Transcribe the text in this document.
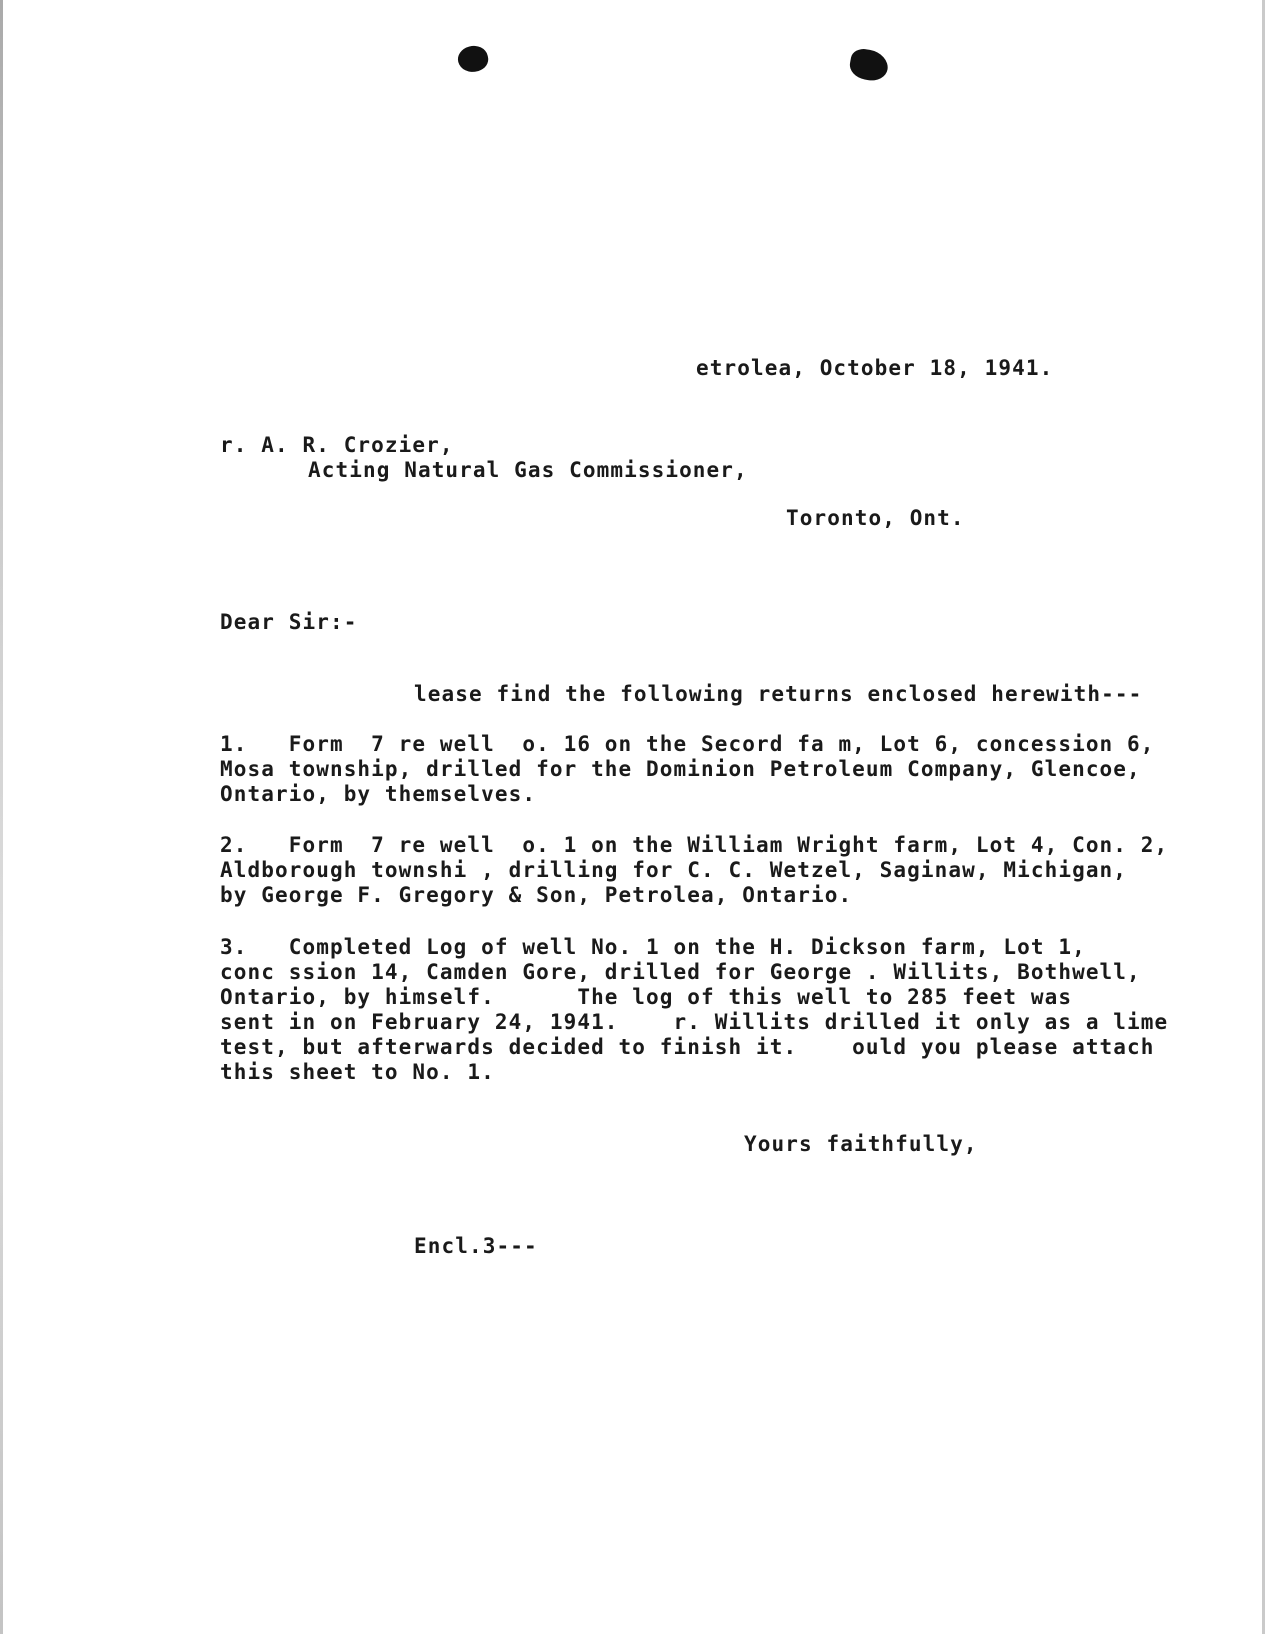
etrolea, October 18, 1941.
r. A. R. Crozier,
Acting Natural Gas Commissioner,
Toronto, Ont.
Dear Sir:-
lease find the following returns enclosed herewith---
1.   Form  7 re well  o. 16 on the Secord fa m, Lot 6, concession 6,
Mosa township, drilled for the Dominion Petroleum Company, Glencoe,
Ontario, by themselves.
2.   Form  7 re well  o. 1 on the William Wright farm, Lot 4, Con. 2,
Aldborough townshi , drilling for C. C. Wetzel, Saginaw, Michigan,
by George F. Gregory & Son, Petrolea, Ontario.
3.   Completed Log of well No. 1 on the H. Dickson farm, Lot 1,
conc ssion 14, Camden Gore, drilled for George . Willits, Bothwell,
Ontario, by himself.      The log of this well to 285 feet was
sent in on February 24, 1941.    r. Willits drilled it only as a lime
test, but afterwards decided to finish it.    ould you please attach
this sheet to No. 1.
Yours faithfully,
Encl.3---
